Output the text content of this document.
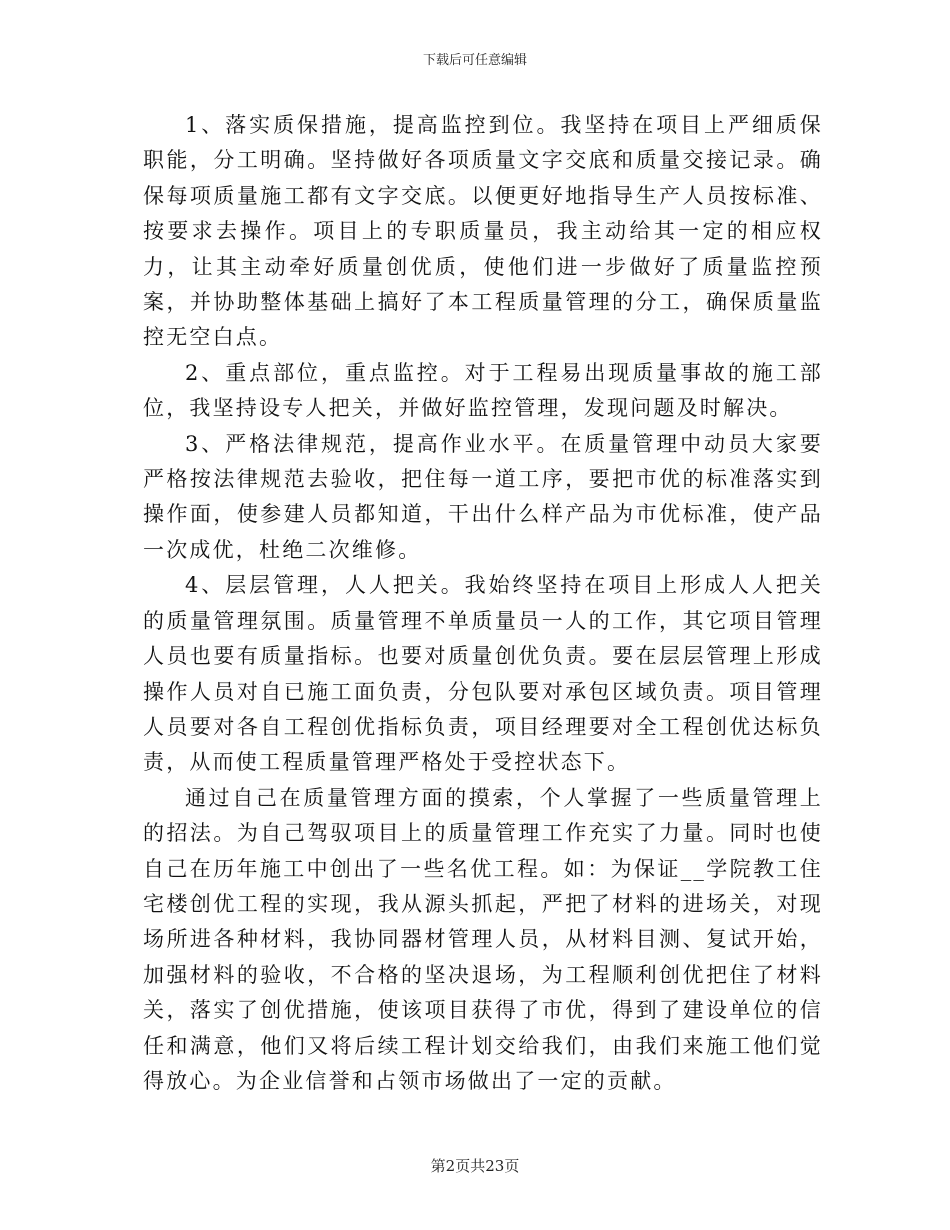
下载后可任意编辑

1、落实质保措施，提高监控到位。我坚持在项目上严细质保职能，分工明确。坚持做好各项质量文字交底和质量交接记录。确保每项质量施工都有文字交底。以便更好地指导生产人员按标准、按要求去操作。项目上的专职质量员，我主动给其一定的相应权力，让其主动牵好质量创优质，使他们进一步做好了质量监控预案，并协助整体基础上搞好了本工程质量管理的分工，确保质量监控无空白点。

2、重点部位，重点监控。对于工程易出现质量事故的施工部位，我坚持设专人把关，并做好监控管理，发现问题及时解决。

3、严格法律规范，提高作业水平。在质量管理中动员大家要严格按法律规范去验收，把住每一道工序，要把市优的标准落实到操作面，使参建人员都知道，干出什么样产品为市优标准，使产品一次成优，杜绝二次维修。

4、层层管理，人人把关。我始终坚持在项目上形成人人把关的质量管理氛围。质量管理不单质量员一人的工作，其它项目管理人员也要有质量指标。也要对质量创优负责。要在层层管理上形成操作人员对自已施工面负责，分包队要对承包区域负责。项目管理人员要对各自工程创优指标负责，项目经理要对全工程创优达标负责，从而使工程质量管理严格处于受控状态下。

通过自己在质量管理方面的摸索，个人掌握了一些质量管理上的招法。为自己驾驭项目上的质量管理工作充实了力量。同时也使自己在历年施工中创出了一些名优工程。如：为保证__学院教工住宅楼创优工程的实现，我从源头抓起，严把了材料的进场关，对现场所进各种材料，我协同器材管理人员，从材料目测、复试开始，加强材料的验收，不合格的坚决退场，为工程顺利创优把住了材料关，落实了创优措施，使该项目获得了市优，得到了建设单位的信任和满意，他们又将后续工程计划交给我们，由我们来施工他们觉得放心。为企业信誉和占领市场做出了一定的贡献。

第2页共23页
